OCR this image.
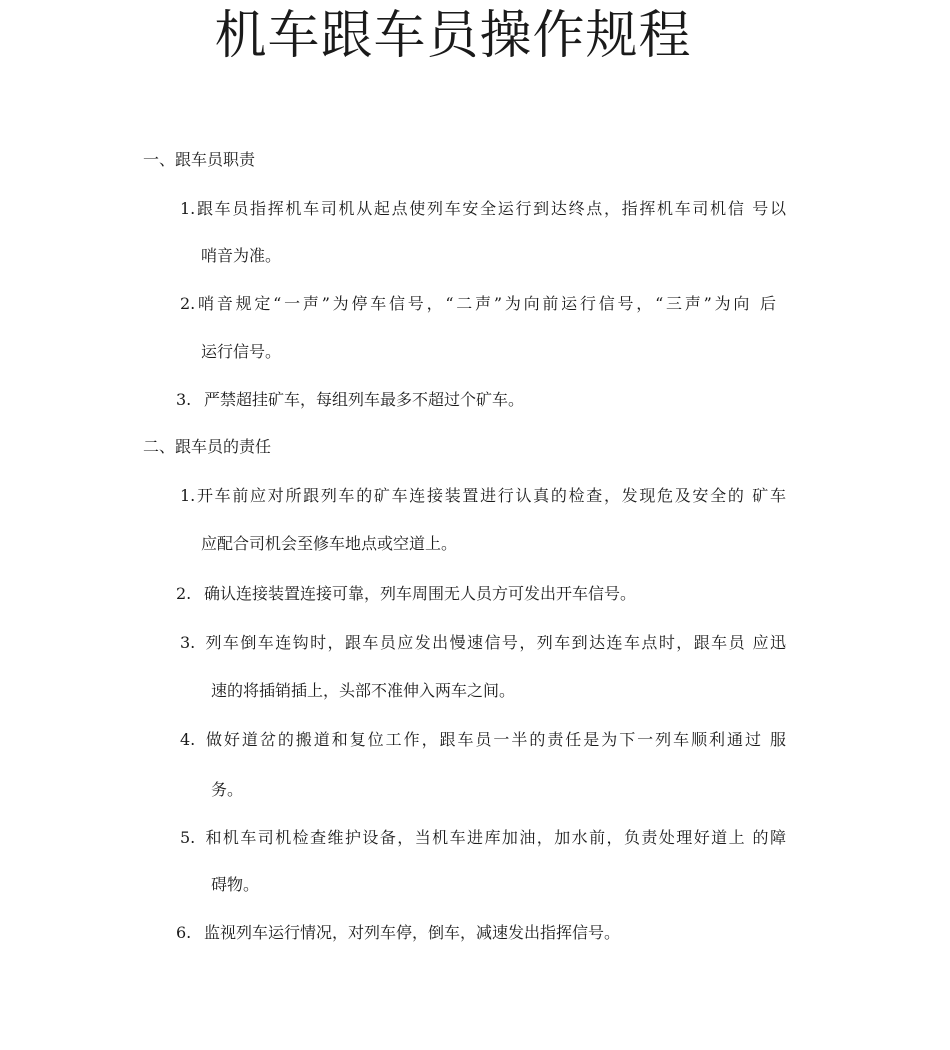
机车跟车员操作规程
一、跟车员职责
1.跟车员指挥机车司机从起点使列车安全运行到达终点，指挥机车司机信 号以
哨音为准。
2.哨音规定“一声”为停车信号，“二声”为向前运行信号，“三声”为向 后
运行信号。
3. 严禁超挂矿车，每组列车最多不超过个矿车。
二、跟车员的责任
1.开车前应对所跟列车的矿车连接装置进行认真的检查，发现危及安全的 矿车
应配合司机会至修车地点或空道上。
2. 确认连接装置连接可靠，列车周围无人员方可发出开车信号。
3. 列车倒车连钩时，跟车员应发出慢速信号，列车到达连车点时，跟车员 应迅
速的将插销插上，头部不准伸入两车之间。
4. 做好道岔的搬道和复位工作，跟车员一半的责任是为下一列车顺利通过 服
务。
5. 和机车司机检查维护设备，当机车进库加油，加水前，负责处理好道上 的障
碍物。
6. 监视列车运行情况，对列车停，倒车，减速发出指挥信号。
